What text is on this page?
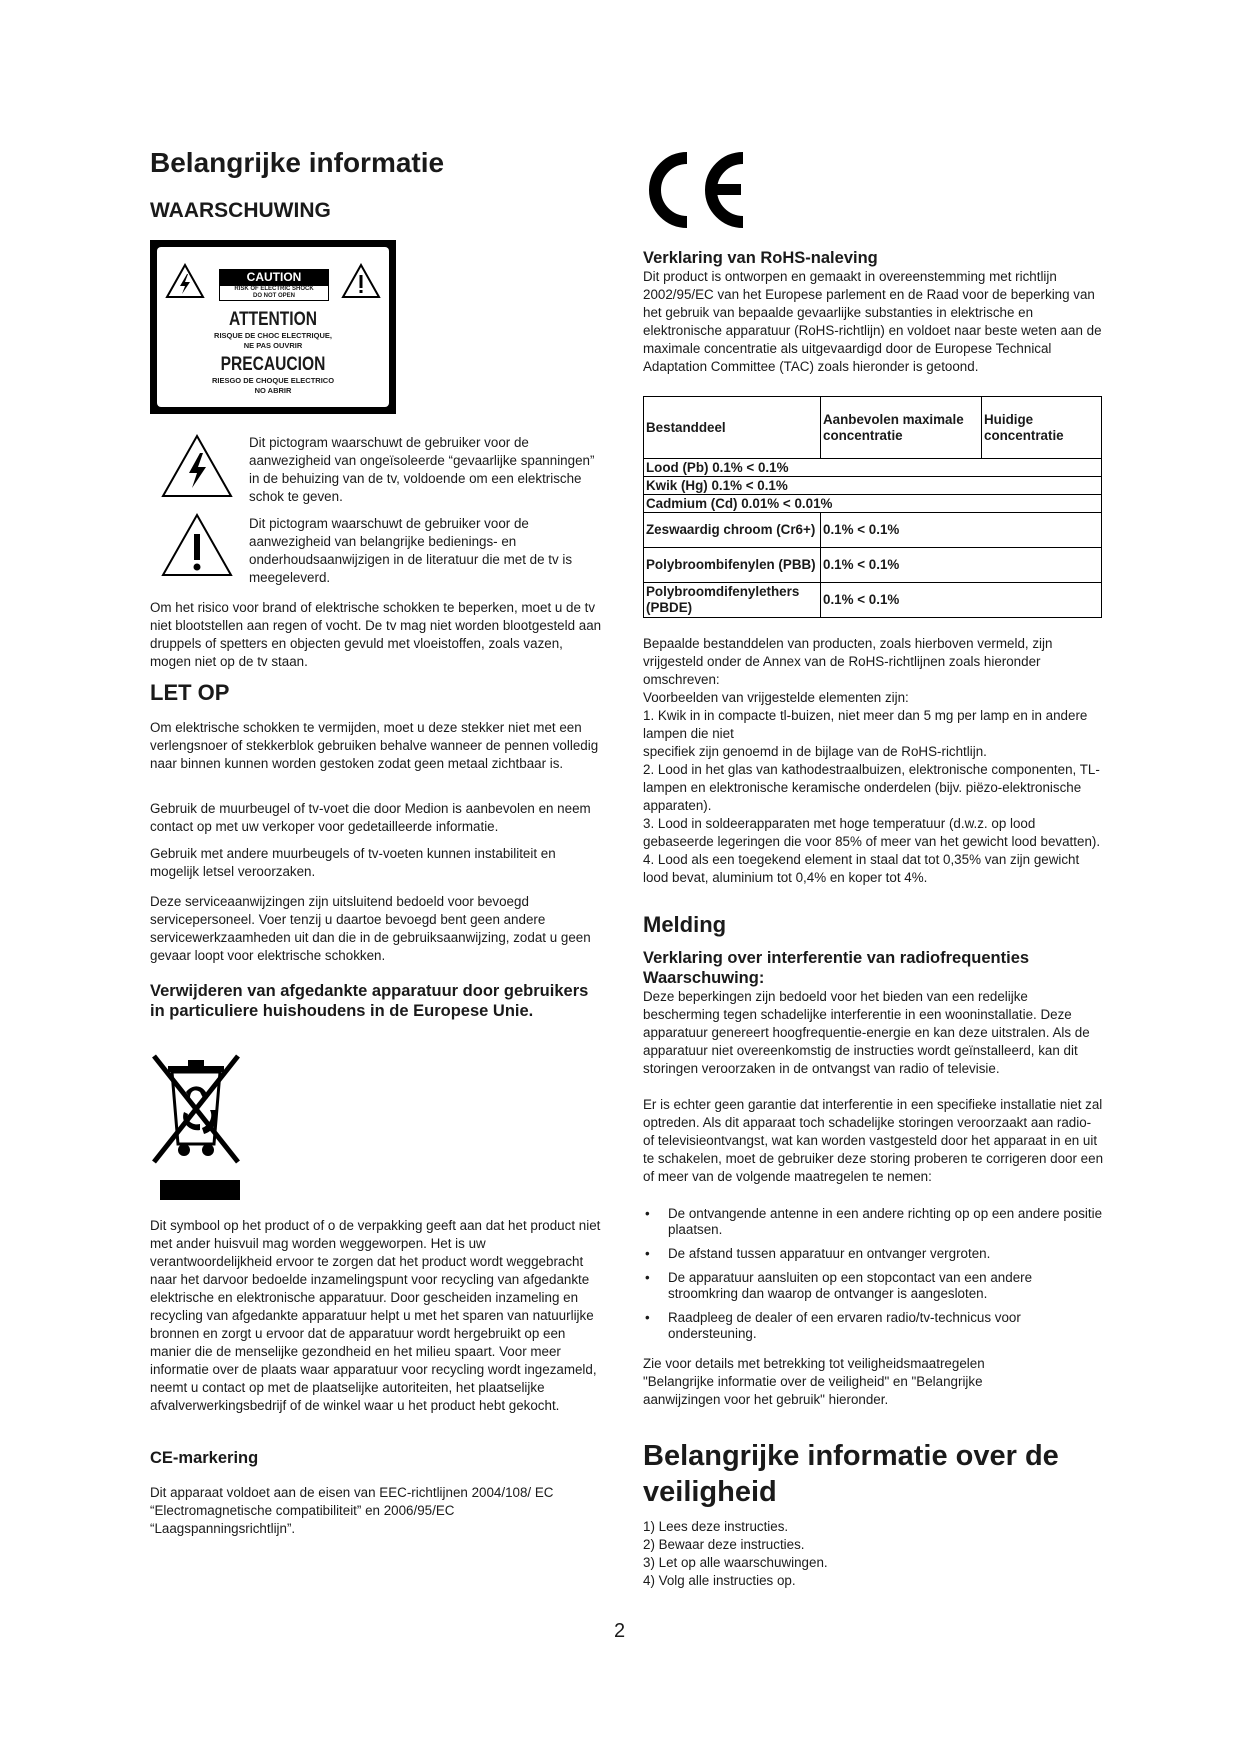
Belangrijke informatie
WAARSCHUWING
CAUTION
RISK OF ELECTRIC SHOCK
DO NOT OPEN
ATTENTION
RISQUE DE CHOC ELECTRIQUE,
NE PAS OUVRIR
PRECAUCION
RIESGO DE CHOQUE ELECTRICO
NO ABRIR

Dit pictogram waarschuwt de gebruiker voor de aanwezigheid van ongeïsoleerde “gevaarlijke spanningen” in de behuizing van de tv, voldoende om een elektrische schok te geven.

Dit pictogram waarschuwt de gebruiker voor de aanwezigheid van belangrijke bedienings- en onderhoudsaanwijzigen in de literatuur die met de tv is meegeleverd.

Om het risico voor brand of elektrische schokken te beperken, moet u de tv niet blootstellen aan regen of vocht. De tv mag niet worden blootgesteld aan druppels of spetters en objecten gevuld met vloeistoffen, zoals vazen, mogen niet op de tv staan.

LET OP

Om elektrische schokken te vermijden, moet u deze stekker niet met een verlengsnoer of stekkerblok gebruiken behalve wanneer de pennen volledig naar binnen kunnen worden gestoken zodat geen metaal zichtbaar is.

Gebruik de muurbeugel of tv-voet die door Medion is aanbevolen en neem contact op met uw verkoper voor gedetailleerde informatie.

Gebruik met andere muurbeugels of tv-voeten kunnen instabiliteit en mogelijk letsel veroorzaken.

Deze serviceaanwijzingen zijn uitsluitend bedoeld voor bevoegd servicepersoneel. Voer tenzij u daartoe bevoegd bent geen andere servicewerkzaamheden uit dan die in de gebruiksaanwijzing, zodat u geen gevaar loopt voor elektrische schokken.

Verwijderen van afgedankte apparatuur door gebruikers in particuliere huishoudens in de Europese Unie.

Dit symbool op het product of o de verpakking geeft aan dat het product niet met ander huisvuil mag worden weggeworpen. Het is uw verantwoordelijkheid ervoor te zorgen dat het product wordt weggebracht naar het darvoor bedoelde inzamelingspunt voor recycling van afgedankte elektrische en elektronische apparatuur. Door gescheiden inzameling en recycling van afgedankte apparatuur helpt u met het sparen van natuurlijke bronnen en zorgt u ervoor dat de apparatuur wordt hergebruikt op een manier die de menselijke gezondheid en het milieu spaart. Voor meer informatie over de plaats waar apparatuur voor recycling wordt ingezameld, neemt u contact op met de plaatselijke autoriteiten, het plaatselijke afvalverwerkingsbedrijf of de winkel waar u het product hebt gekocht.

CE-markering

Dit apparaat voldoet aan de eisen van EEC-richtlijnen 2004/108/ EC “Electromagnetische compatibiliteit” en 2006/95/EC “Laagspanningsrichtlijn”.

Verklaring van RoHS-naleving

Dit product is ontworpen en gemaakt in overeenstemming met richtlijn 2002/95/EC van het Europese parlement en de Raad voor de beperking van het gebruik van bepaalde gevaarlijke substanties in elektrische en elektronische apparatuur (RoHS-richtlijn) en voldoet naar beste weten aan de maximale concentratie als uitgevaardigd door de Europese Technical Adaptation Committee (TAC) zoals hieronder is getoond.

Bestanddeel	Aanbevolen maximale concentratie	Huidige concentratie
Lood (Pb) 0.1% < 0.1%		
Kwik (Hg) 0.1% < 0.1%		
Cadmium (Cd) 0.01% < 0.01%		
Zeswaardig chroom (Cr6+)	0.1% < 0.1%	
Polybroombifenylen (PBB)	0.1% < 0.1%	
Polybroomdifenylethers (PBDE)	0.1% < 0.1%	

Bepaalde bestanddelen van producten, zoals hierboven vermeld, zijn vrijgesteld onder de Annex van de RoHS-richtlijnen zoals hieronder omschreven:

Voorbeelden van vrijgestelde elementen zijn:
1. Kwik in in compacte tl-buizen, niet meer dan 5 mg per lamp en in andere lampen die niet
specifiek zijn genoemd in de bijlage van de RoHS-richtlijn.
2. Lood in het glas van kathodestraalbuizen, elektronische componenten, TL-lampen en elektronische keramische onderdelen (bijv. piëzo-elektronische apparaten).
3. Lood in soldeerapparaten met hoge temperatuur (d.w.z. op lood gebaseerde legeringen die voor 85% of meer van het gewicht lood bevatten).
4. Lood als een toegekend element in staal dat tot 0,35% van zijn gewicht lood bevat, aluminium tot 0,4% en koper tot 4%.
Melding
Verklaring over interferentie van radiofrequenties
Waarschuwing:

Deze beperkingen zijn bedoeld voor het bieden van een redelijke bescherming tegen schadelijke interferentie in een wooninstallatie. Deze apparatuur genereert hoogfrequentie-energie en kan deze uitstralen. Als de apparatuur niet overeenkomstig de instructies wordt geïnstalleerd, kan dit storingen veroorzaken in de ontvangst van radio of televisie.

Er is echter geen garantie dat interferentie in een specifieke installatie niet zal optreden. Als dit apparaat toch schadelijke storingen veroorzaakt aan radio- of televisieontvangst, wat kan worden vastgesteld door het apparaat in en uit te schakelen, moet de gebruiker deze storing proberen te corrigeren door een of meer van de volgende maatregelen te nemen:

• De ontvangende antenne in een andere richting op op een andere positie plaatsen.
• De afstand tussen apparatuur en ontvanger vergroten.
• De apparatuur aansluiten op een stopcontact van een andere stroomkring dan waarop de ontvanger is aangesloten.
• Raadpleeg de dealer of een ervaren radio/tv-technicus voor ondersteuning.

Zie voor details met betrekking tot veiligheidsmaatregelen "Belangrijke informatie over de veiligheid" en "Belangrijke aanwijzingen voor het gebruik" hieronder.

Belangrijke informatie over de veiligheid
1) Lees deze instructies.
2) Bewaar deze instructies.
3) Let op alle waarschuwingen.
4) Volg alle instructies op.
2
